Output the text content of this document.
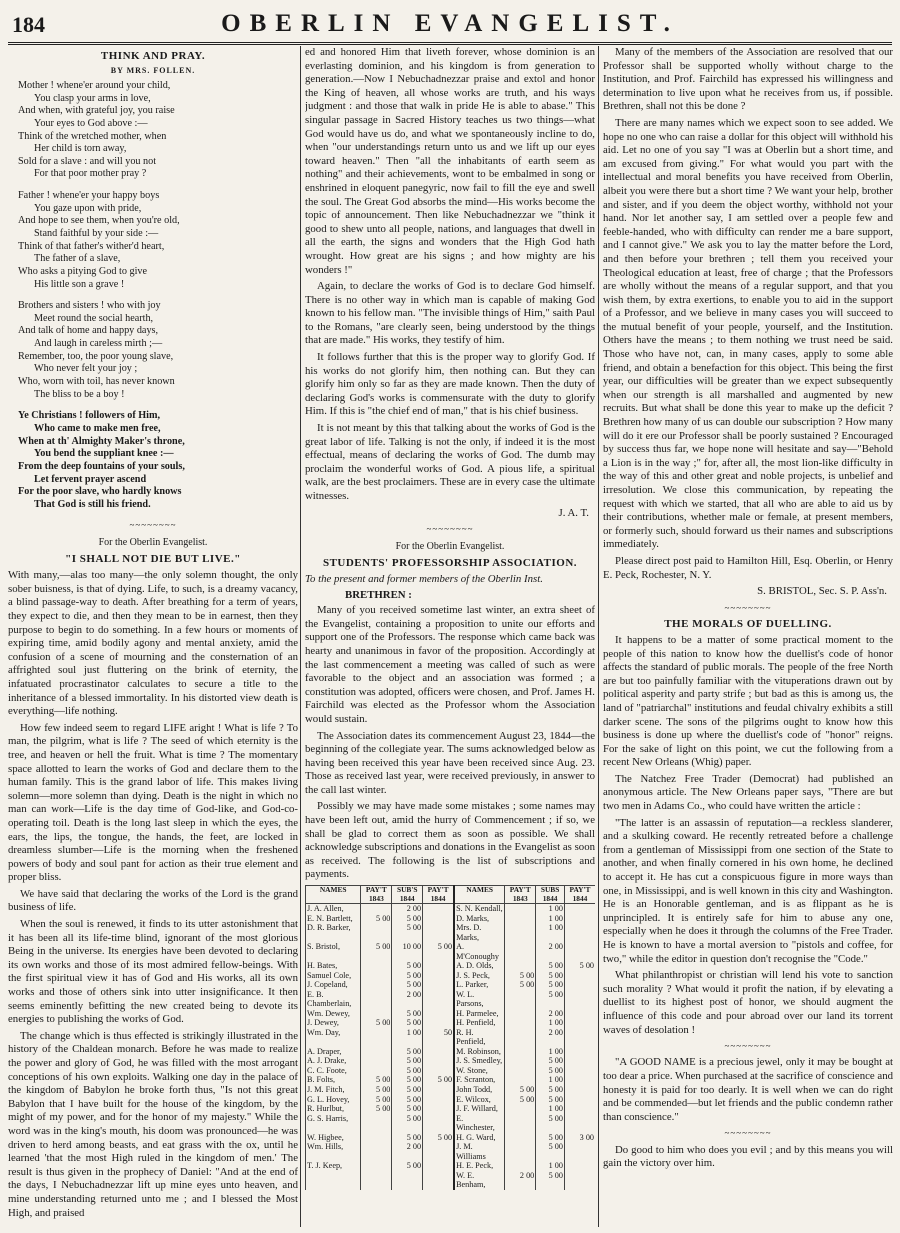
184	OBERLIN EVANGELIST.
THINK AND PRAY.
BY MRS. FOLLEN.
Mother ! whene'er around your child,
You clasp your arms in love,
And when, with grateful joy, you raise
Your eyes to God above :—
Think of the wretched mother, when
Her child is torn away,
Sold for a slave : and will you not
For that poor mother pray ?
Father ! whene'er your happy boys
You gaze upon with pride,
And hope to see them, when you're old,
Stand faithful by your side :—
Think of that father's wither'd heart,
The father of a slave,
Who asks a pitying God to give
His little son a grave !
Brothers and sisters ! who with joy
Meet round the social hearth,
And talk of home and happy days,
And laugh in careless mirth ;—
Remember, too, the poor young slave,
Who never felt your joy ;
Who, worn with toil, has never known
The bliss to be a boy !
Ye Christians ! followers of Him,
Who came to make men free,
When at th' Almighty Maker's throne,
You bend the suppliant knee :—
From the deep fountains of your souls,
Let fervent prayer ascend
For the poor slave, who hardly knows
That God is still his friend.
~~~~~~~~
For the Oberlin Evangelist.
"I SHALL NOT DIE BUT LIVE."

With many,—alas too many—the only solemn thought, the only sober buisness, is that of dying. Life, to such, is a dreamy vacancy, a blind passage-way to death. After breathing for a term of years, they expect to die, and then they mean to be in earnest, then they purpose to begin to do something. In a few hours or moments of expiring time, amid bodily agony and mental anxiety, amid the confusion of a scene of mourning and the consternation of an affrighted soul just fluttering on the brink of eternity, the infatuated procrastinator calculates to secure a title to the inheritance of a blessed immortality. In his distorted view death is everything—life nothing.

How few indeed seem to regard LIFE aright ! What is life ? To man, the pilgrim, what is life ? The seed of which eternity is the tree, and heaven or hell the fruit. What is time ? The momentary space allotted to learn the works of God and declare them to the human family. This is the grand labor of life. This makes living solemn—more solemn than dying. Death is the night in which no man can work—Life is the day time of God-like, and God-co-operating toil. Death is the long last sleep in which the eyes, the ears, the lips, the tongue, the hands, the feet, are locked in dreamless slumber—Life is the morning when the freshened powers of body and soul pant for action as their true element and proper bliss.

We have said that declaring the works of the Lord is the grand business of life.

When the soul is renewed, it finds to its utter astonishment that it has been all its life-time blind, ignorant of the most glorious Being in the universe. Its energies have been devoted to declaring its own works and those of its most admired fellow-beings. With the first spiritual view it has of God and His works, all its own works and those of others sink into utter insignificance. It then seems eminently befitting the new created being to devote its energies to publishing the works of God.

The change which is thus effected is strikingly illustrated in the history of the Chaldean monarch. Before he was made to realize the power and glory of God, he was filled with the most arrogant conceptions of his own exploits. Walking one day in the palace of the kingdom of Babylon he broke forth thus, "Is not this great Babylon that I have built for the house of the kingdom, by the might of my power, and for the honor of my majesty." While the word was in the king's mouth, his doom was pronounced—he was driven to herd among beasts, and eat grass with the ox, until he learned 'that the most High ruled in the kingdom of men.' The result is thus given in the prophecy of Daniel: "And at the end of the days, I Nebuchadnezzar lift up mine eyes unto heaven, and mine understanding returned unto me ; and I blessed the Most High, and praised

ed and honored Him that liveth forever, whose dominion is an everlasting dominion, and his kingdom is from generation to generation.—Now I Nebuchadnezzar praise and extol and honor the King of heaven, all whose works are truth, and his ways judgment : and those that walk in pride He is able to abase." This singular passage in Sacred History teaches us two things—what God would have us do, and what we spontaneously incline to do, when "our understandings return unto us and we lift up our eyes toward heaven." Then "all the inhabitants of earth seem as nothing" and their achievements, wont to be embalmed in song or enshrined in eloquent panegyric, now fail to fill the eye and swell the soul. The Great God absorbs the mind—His works become the topic of announcement. Then like Nebuchadnezzar we "think it good to shew unto all people, nations, and languages that dwell in all the earth, the signs and wonders that the High God hath wrought. How great are his signs ; and how mighty are his wonders !"

Again, to declare the works of God is to declare God himself. There is no other way in which man is capable of making God known to his fellow man. "The invisible things of Him," saith Paul to the Romans, "are clearly seen, being understood by the things that are made." His works, they testify of him.

It follows further that this is the proper way to glorify God. If his works do not glorify him, then nothing can. But they can glorify him only so far as they are made known. Then the duty of declaring God's works is commensurate with the duty to glorify Him. If this is "the chief end of man," that is his chief business.

It is not meant by this that talking about the works of God is the great labor of life. Talking is not the only, if indeed it is the most effectual, means of declaring the works of God. The dumb may proclaim the wonderful works of God. A pious life, a spiritual walk, are the best proclaimers. These are in every case the ultimate witnesses.

J. A. T.
~~~~~~~~
For the Oberlin Evangelist.
STUDENTS' PROFESSORSHIP ASSOCIATION.

To the present and former members of the Oberlin Inst.

BRETHREN :

Many of you received sometime last winter, an extra sheet of the Evangelist, containing a proposition to unite our efforts and support one of the Professors. The response which came back was hearty and unanimous in favor of the proposition. Accordingly at the last commencement a meeting was called of such as were favorable to the object and an association was formed ; a constitution was adopted, officers were chosen, and Prof. James H. Fairchild was elected as the Professor whom the Association would sustain.

The Association dates its commencement August 23, 1844—the beginning of the collegiate year. The sums acknowledged below as having been received this year have been received since Aug. 23. Those as received last year, were received previously, in answer to the call last winter.

Possibly we may have made some mistakes ; some names may have been left out, amid the hurry of Commencement ; if so, we shall be glad to correct them as soon as possible. We shall acknowledge subscriptions and donations in the Evangelist as soon as received. The following is the list of subscriptions and payments.

NAMES	PAY'T 1843	SUB'S 1844	PAY'T 1844	NAMES	PAY'T 1843	SUBS 1844	PAY'T 1844
J. A. Allen,		2 00		S. N. Kendall,		1 00	
E. N. Bartlett,	5 00	5 00		D. Marks,		1 00	
D. R. Barker,		5 00		Mrs. D. Marks,		1 00	
S. Bristol,	5 00	10 00	5 00	A. M'Conoughy		2 00	
H. Bates,		5 00		A. D. Olds,		5 00	5 00
Samuel Cole,		5 00		J. S. Peck,	5 00	5 00	
J. Copeland,		5 00		L. Parker,	5 00	5 00	
E. B. Chamberlain,		2 00		W. L. Parsons,		5 00	
Wm. Dewey,		5 00		H. Parmelee,		2 00	
J. Dewey,	5 00	5 00		H. Penfield,		1 00	
Wm. Day,		1 00	50	R. H. Penfield,		2 00	
A. Draper,		5 00		M. Robinson,		1 00	
A. J. Drake,		5 00		J. S. Smedley,		5 00	
C. C. Foote,		5 00		W. Stone,		5 00	
B. Folts,	5 00	5 00	5 00	F. Scranton,		1 00	
J. M. Fitch,	5 00	5 00		John Todd,	5 00	5 00	
G. L. Hovey,	5 00	5 00		E. Wilcox,	5 00	5 00	
R. Hurlbut,	5 00	5 00		J. F. Willard,		1 00	
G. S. Harris,		5 00		E. Winchester,		5 00	
W. Higbee,		5 00	5 00	H. G. Ward,		5 00	3 00
Wm. Hills,		2 00		J. M. Williams		5 00	
T. J. Keep,		5 00		H. E. Peck,		1 00	
				W. E. Benham,	2 00	5 00	

Many of the members of the Association are resolved that our Professor shall be supported wholly without charge to the Institution, and Prof. Fairchild has expressed his willingness and determination to live upon what he receives from us, if possible. Brethren, shall not this be done ?

There are many names which we expect soon to see added. We hope no one who can raise a dollar for this object will withhold his aid. Let no one of you say "I was at Oberlin but a short time, and am excused from giving." For what would you part with the intellectual and moral benefits you have received from Oberlin, albeit you were there but a short time ? We want your help, brother and sister, and if you deem the object worthy, withhold not your hand. Nor let another say, I am settled over a people few and feeble-handed, who with difficulty can render me a bare support, and I cannot give." We ask you to lay the matter before the Lord, and then before your brethren ; tell them you received your Theological education at least, free of charge ; that the Professors are wholly without the means of a regular support, and that you wish them, by extra exertions, to enable you to aid in the support of a Professor, and we believe in many cases you will succeed to the mutual benefit of your people, yourself, and the Institution. Others have the means ; to them nothing we trust need be said. Those who have not, can, in many cases, apply to some able friend, and obtain a benefaction for this object. This being the first year, our difficulties will be greater than we expect subsequently when our strength is all marshalled and augmented by new recruits. But what shall be done this year to make up the deficit ? Brethren how many of us can double our subscription ? How many will do it ere our Professor shall be poorly sustained ? Encouraged by success thus far, we hope none will hesitate and say—"Behold a Lion is in the way ;" for, after all, the most lion-like difficulty in the way of this and other great and noble projects, is unbelief and irresolution. We close this communication, by repeating the request with which we started, that all who are able to aid us by their contributions, whether male or female, at present members, or formerly such, should forward us their names and subscriptions immediately.

Please direct post paid to Hamilton Hill, Esq. Oberlin, or Henry E. Peck, Rochester, N. Y.

S. BRISTOL, Sec. S. P. Ass'n.
~~~~~~~~
THE MORALS OF DUELLING.

It happens to be a matter of some practical moment to the people of this nation to know how the duellist's code of honor affects the standard of public morals. The people of the free North are but too painfully familiar with the vituperations drawn out by political asperity and party strife ; but bad as this is among us, the land of "patriarchal" institutions and feudal chivalry exhibits a still darker scene. The sons of the pilgrims ought to know how this business is done up where the duellist's code of "honor" reigns. For the sake of light on this point, we cut the following from a recent New Orleans (Whig) paper.

The Natchez Free Trader (Democrat) had published an anonymous article. The New Orleans paper says, "There are but two men in Adams Co., who could have written the article :

"The latter is an assassin of reputation—a reckless slanderer, and a skulking coward. He recently retreated before a challenge from a gentleman of Mississippi from one section of the State to another, and when finally cornered in his own home, he declined to accept it. He has cut a conspicuous figure in more ways than one, in Mississippi, and is well known in this city and Washington. He is an Honorable gentleman, and is as flippant as he is unprincipled. It is entirely safe for him to abuse any one, especially when he does it through the columns of the Free Trader. He is known to have a mortal aversion to "pistols and coffee, for two," while the editor in question don't recognise the "Code."

What philanthropist or christian will lend his vote to sanction such morality ? What would it profit the nation, if by elevating a duellist to its highest post of honor, we should augment the influence of this code and pour abroad over our land its torrent waves of desolation !

~~~~~~~~

"A GOOD NAME is a precious jewel, only it may be bought at too dear a price. When purchased at the sacrifice of conscience and honesty it is paid for too dearly. It is well when we can do right and be commended—but let friends and the public condemn rather than conscience."

~~~~~~~~

Do good to him who does you evil ; and by this means you will gain the victory over him.
